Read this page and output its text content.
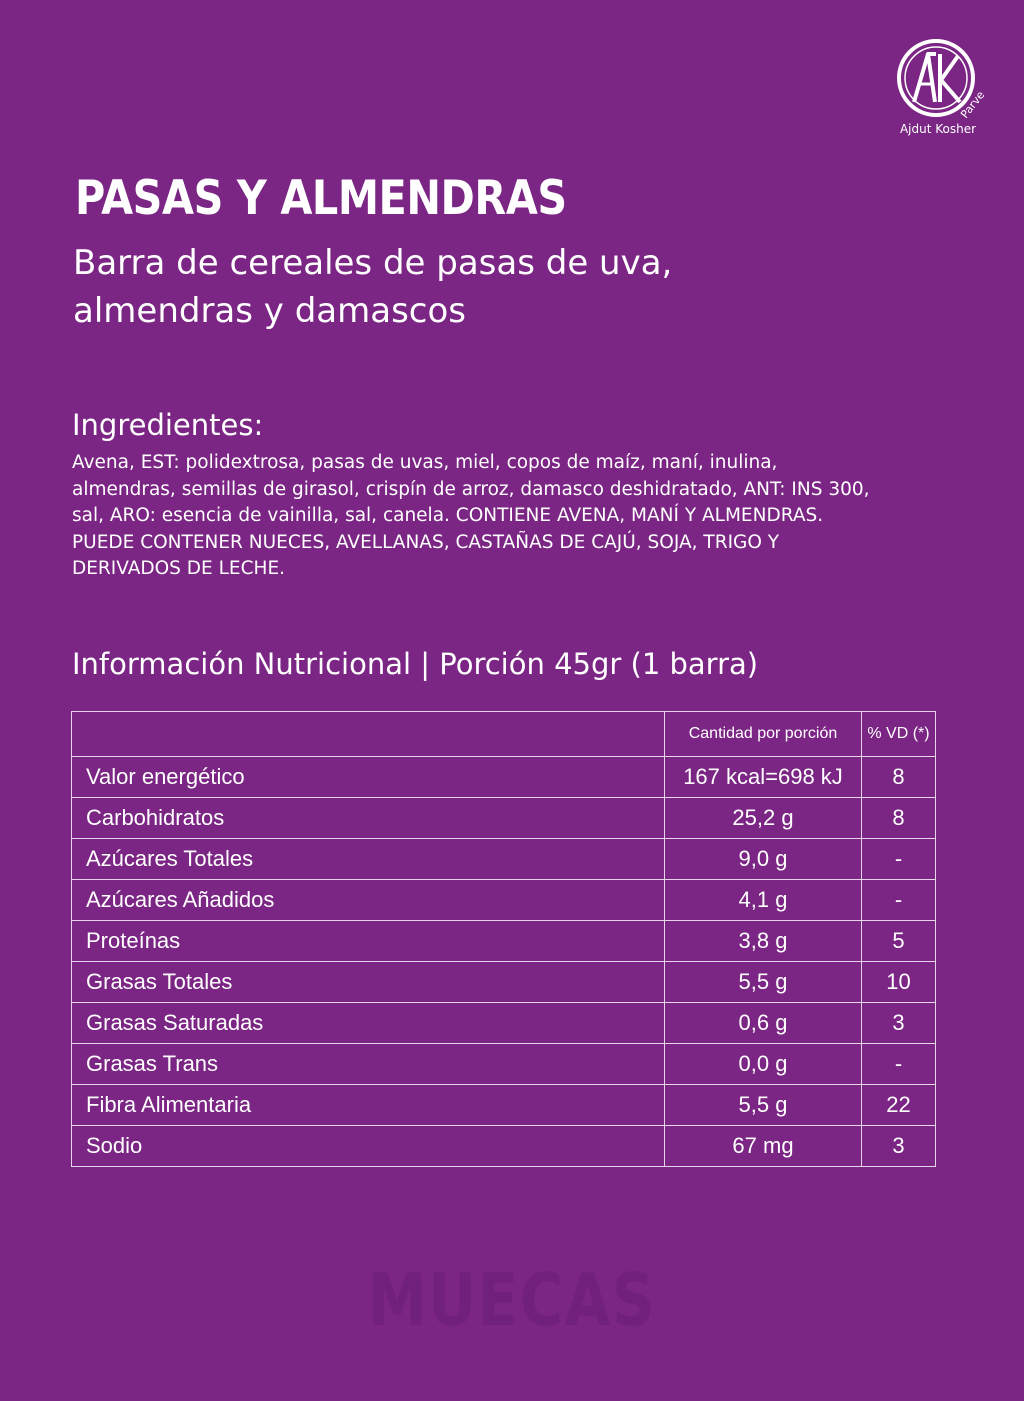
Parve
Ajdut Kosher
PASAS Y ALMENDRAS

Barra de cereales de pasas de uva, almendras y damascos

Ingredientes:

Avena, EST: polidextrosa, pasas de uvas, miel, copos de maíz, maní, inulina, almendras, semillas de girasol, crispín de arroz, damasco deshidratado, ANT: INS 300, sal, ARO: esencia de vainilla, sal, canela. CONTIENE AVENA, MANÍ Y ALMENDRAS. PUEDE CONTENER NUECES, AVELLANAS, CASTAÑAS DE CAJÚ, SOJA, TRIGO Y DERIVADOS DE LECHE.

Información Nutricional | Porción 45gr (1 barra)
	Cantidad por porción	% VD (*)
Valor energético	167 kcal=698 kJ	8
Carbohidratos	25,2 g	8
Azúcares Totales	9,0 g	-
Azúcares Añadidos	4,1 g	-
Proteínas	3,8 g	5
Grasas Totales	5,5 g	10
Grasas Saturadas	0,6 g	3
Grasas Trans	0,0 g	-
Fibra Alimentaria	5,5 g	22
Sodio	67 mg	3
MUECAS
